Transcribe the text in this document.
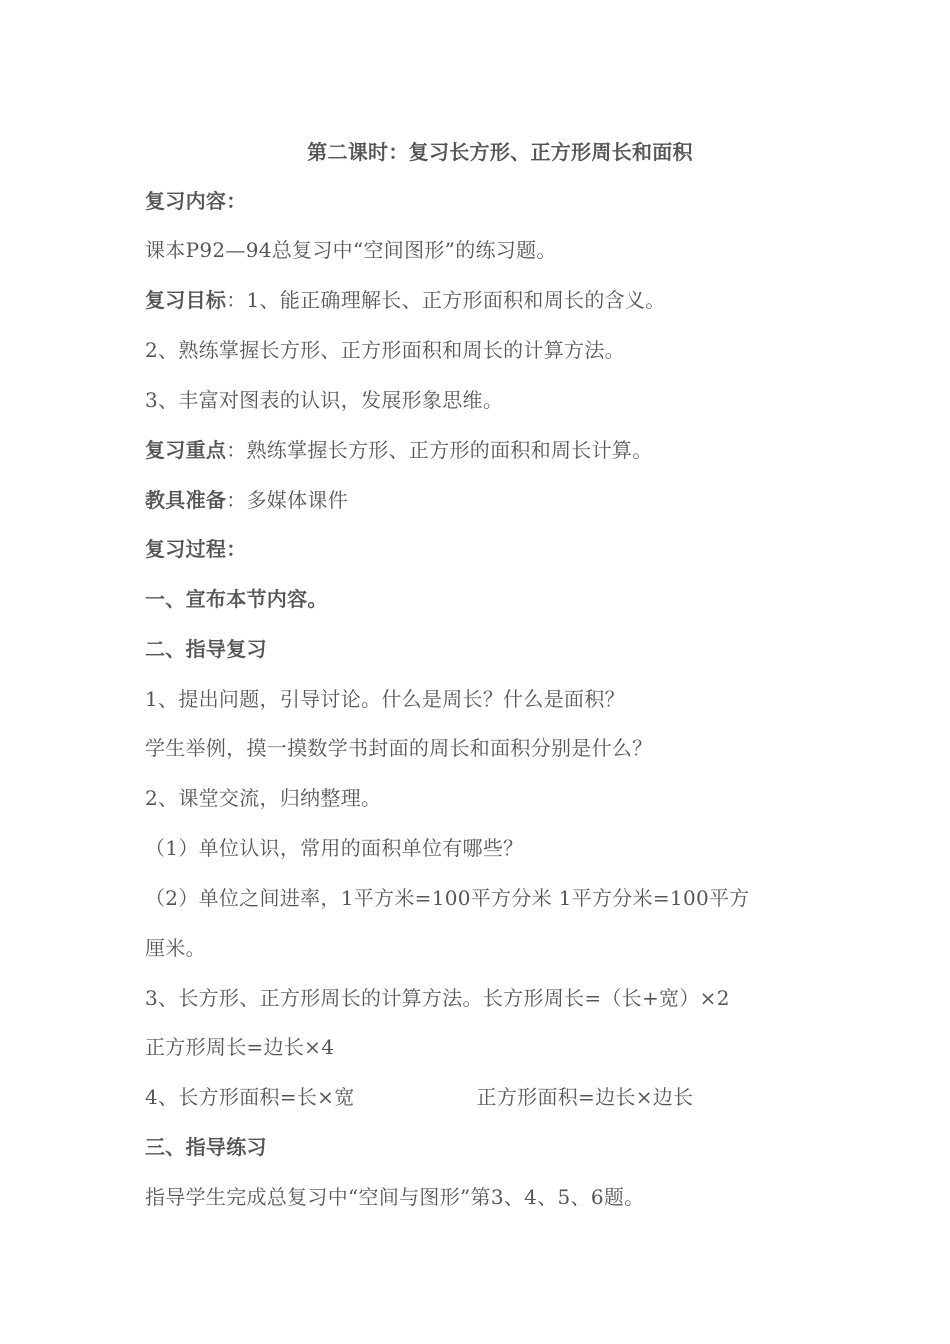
第二课时：复习长方形、正方形周长和面积
复习内容：
课本P92—94总复习中“空间图形”的练习题。
复习目标：1、能正确理解长、正方形面积和周长的含义。
2、熟练掌握长方形、正方形面积和周长的计算方法。
3、丰富对图表的认识，发展形象思维。
复习重点：熟练掌握长方形、正方形的面积和周长计算。
教具准备：多媒体课件
复习过程：
一、宣布本节内容。
二、指导复习
1、提出问题，引导讨论。什么是周长？什么是面积？
学生举例，摸一摸数学书封面的周长和面积分别是什么？
2、课堂交流，归纳整理。
（1）单位认识，常用的面积单位有哪些？
（2）单位之间进率，1平方米=100平方分米 1平方分米=100平方
厘米。
3、长方形、正方形周长的计算方法。长方形周长=（长+宽）×2
正方形周长=边长×4
4、长方形面积=长×宽	正方形面积=边长×边长
三、指导练习
指导学生完成总复习中“空间与图形”第3、4、5、6题。
